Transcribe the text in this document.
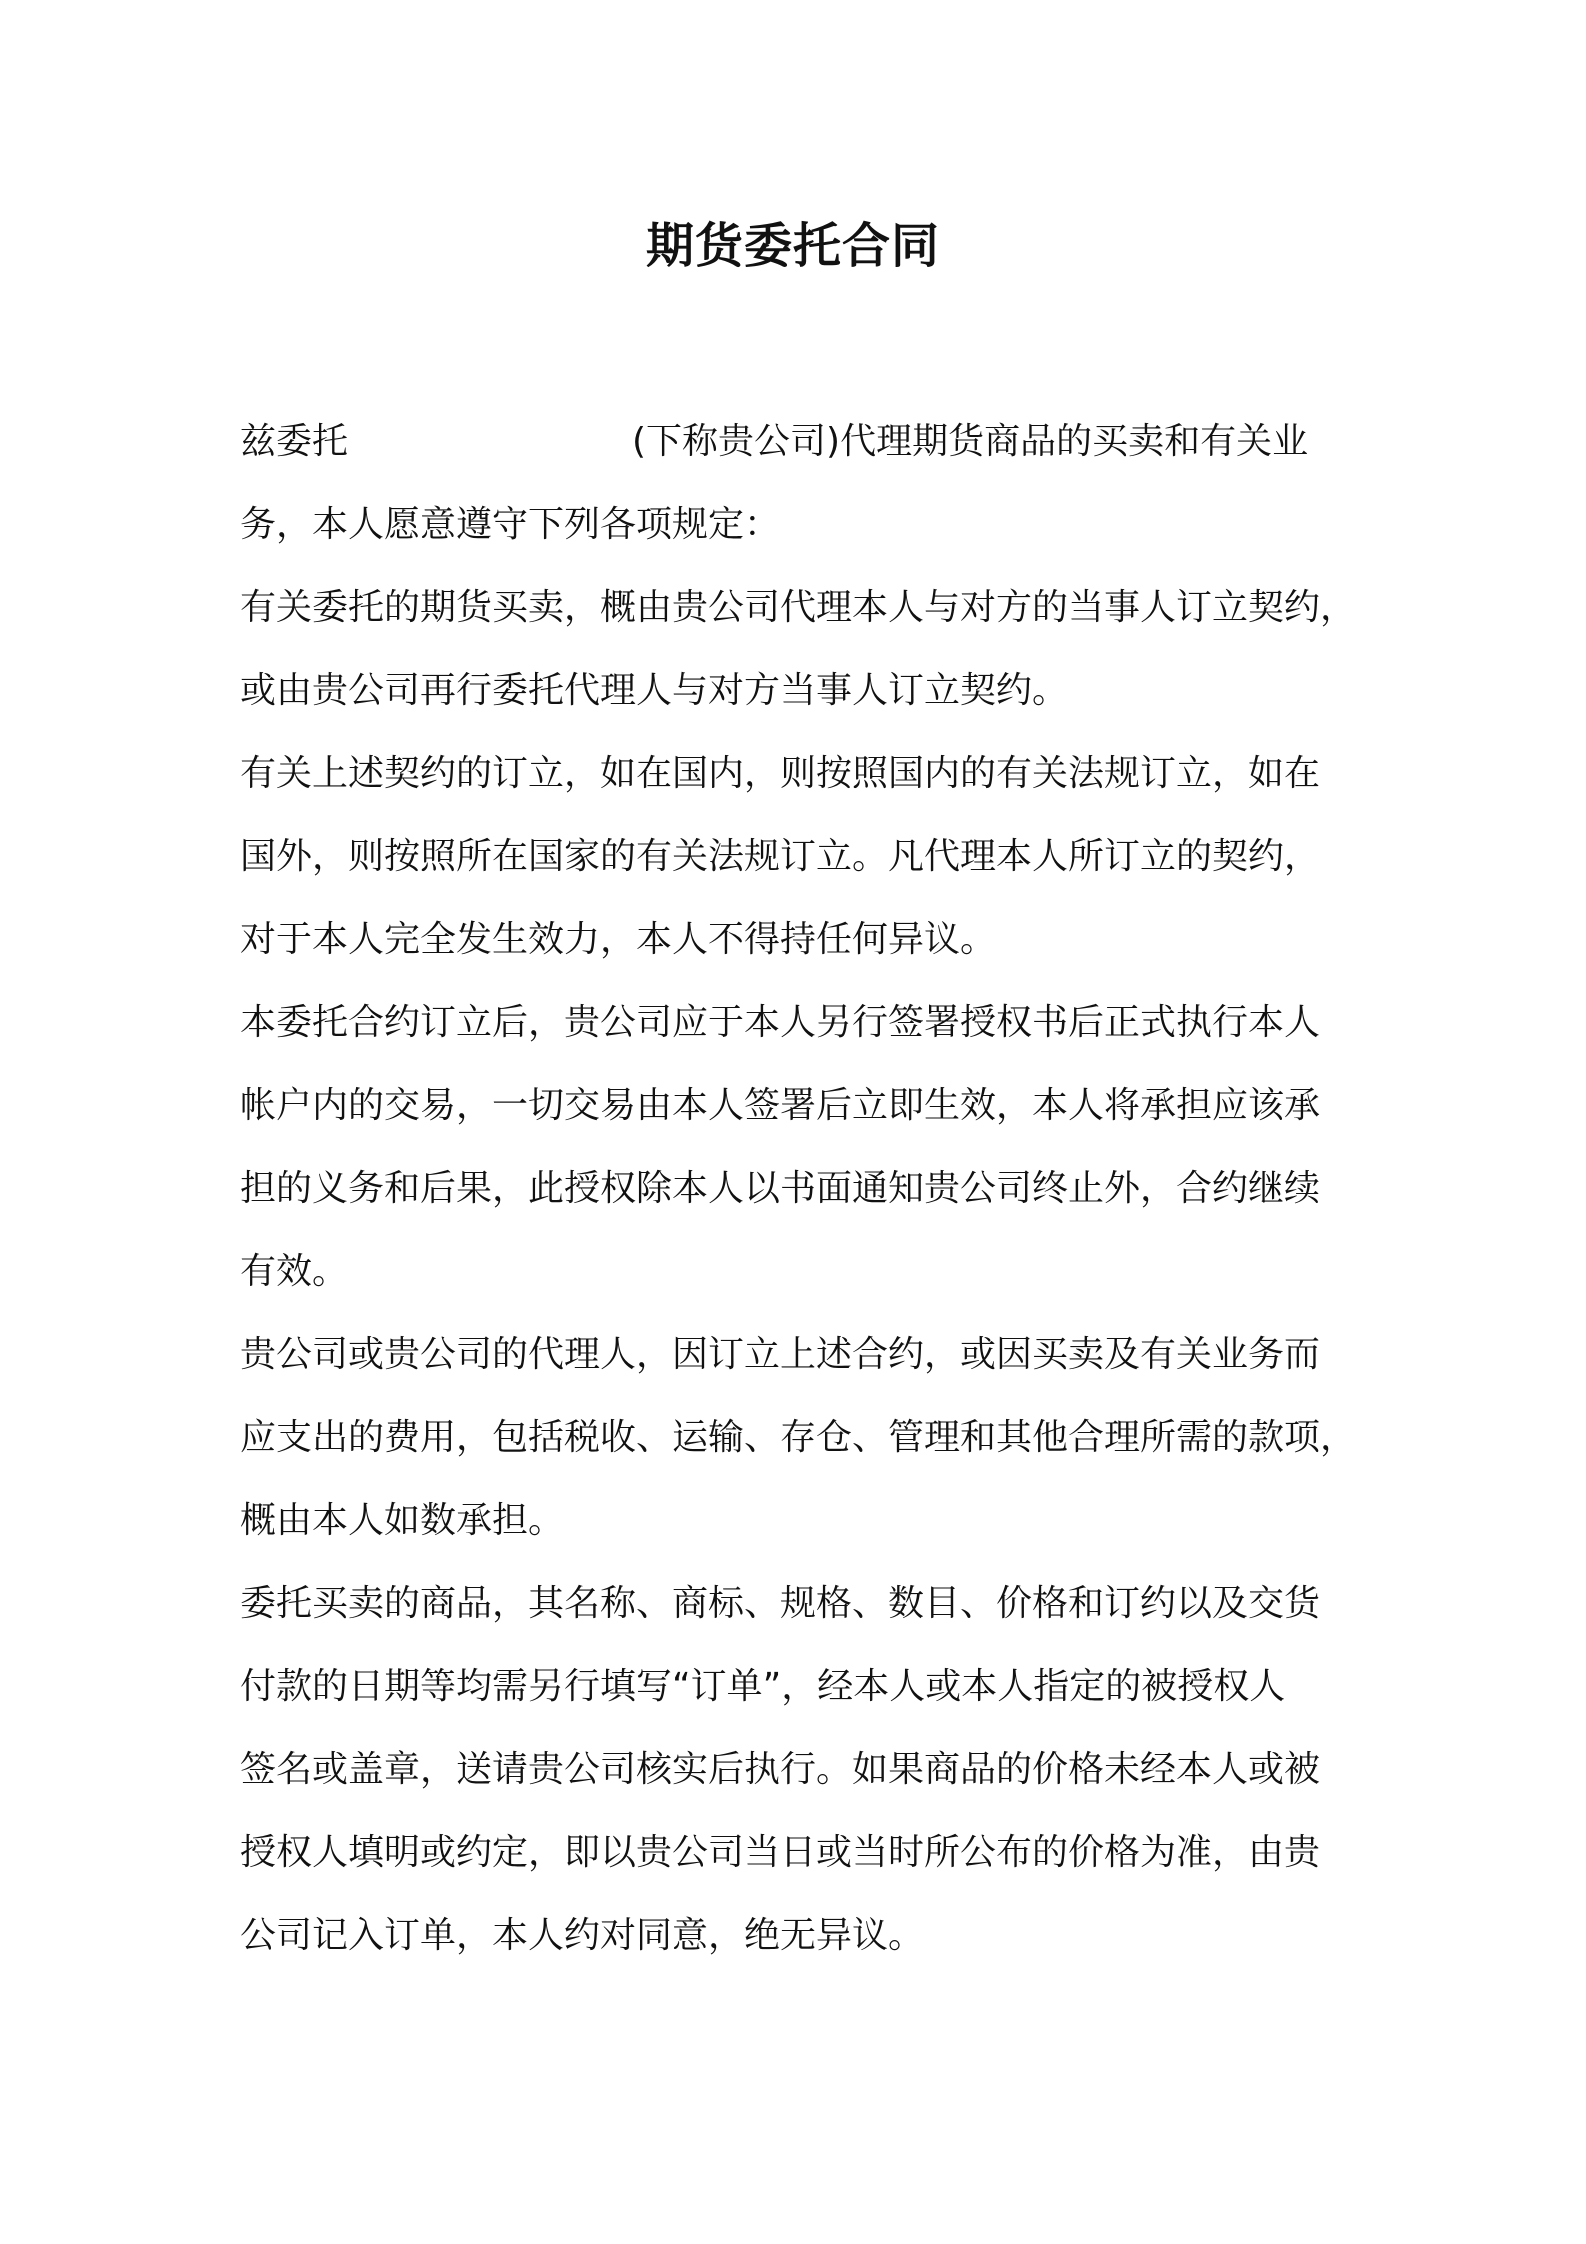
期货委托合同
兹委托	(下称贵公司)代理期货商品的买卖和有关业
务，本人愿意遵守下列各项规定：
有关委托的期货买卖，概由贵公司代理本人与对方的当事人订立契约，
或由贵公司再行委托代理人与对方当事人订立契约。
有关上述契约的订立，如在国内，则按照国内的有关法规订立，如在
国外，则按照所在国家的有关法规订立。凡代理本人所订立的契约，
对于本人完全发生效力，本人不得持任何异议。
本委托合约订立后，贵公司应于本人另行签署授权书后正式执行本人
帐户内的交易，一切交易由本人签署后立即生效，本人将承担应该承
担的义务和后果，此授权除本人以书面通知贵公司终止外，合约继续
有效。
贵公司或贵公司的代理人，因订立上述合约，或因买卖及有关业务而
应支出的费用，包括税收、运输、存仓、管理和其他合理所需的款项，
概由本人如数承担。
委托买卖的商品，其名称、商标、规格、数目、价格和订约以及交货
付款的日期等均需另行填写“订单”，经本人或本人指定的被授权人
签名或盖章，送请贵公司核实后执行。如果商品的价格未经本人或被
授权人填明或约定，即以贵公司当日或当时所公布的价格为准，由贵
公司记入订单，本人约对同意，绝无异议。
